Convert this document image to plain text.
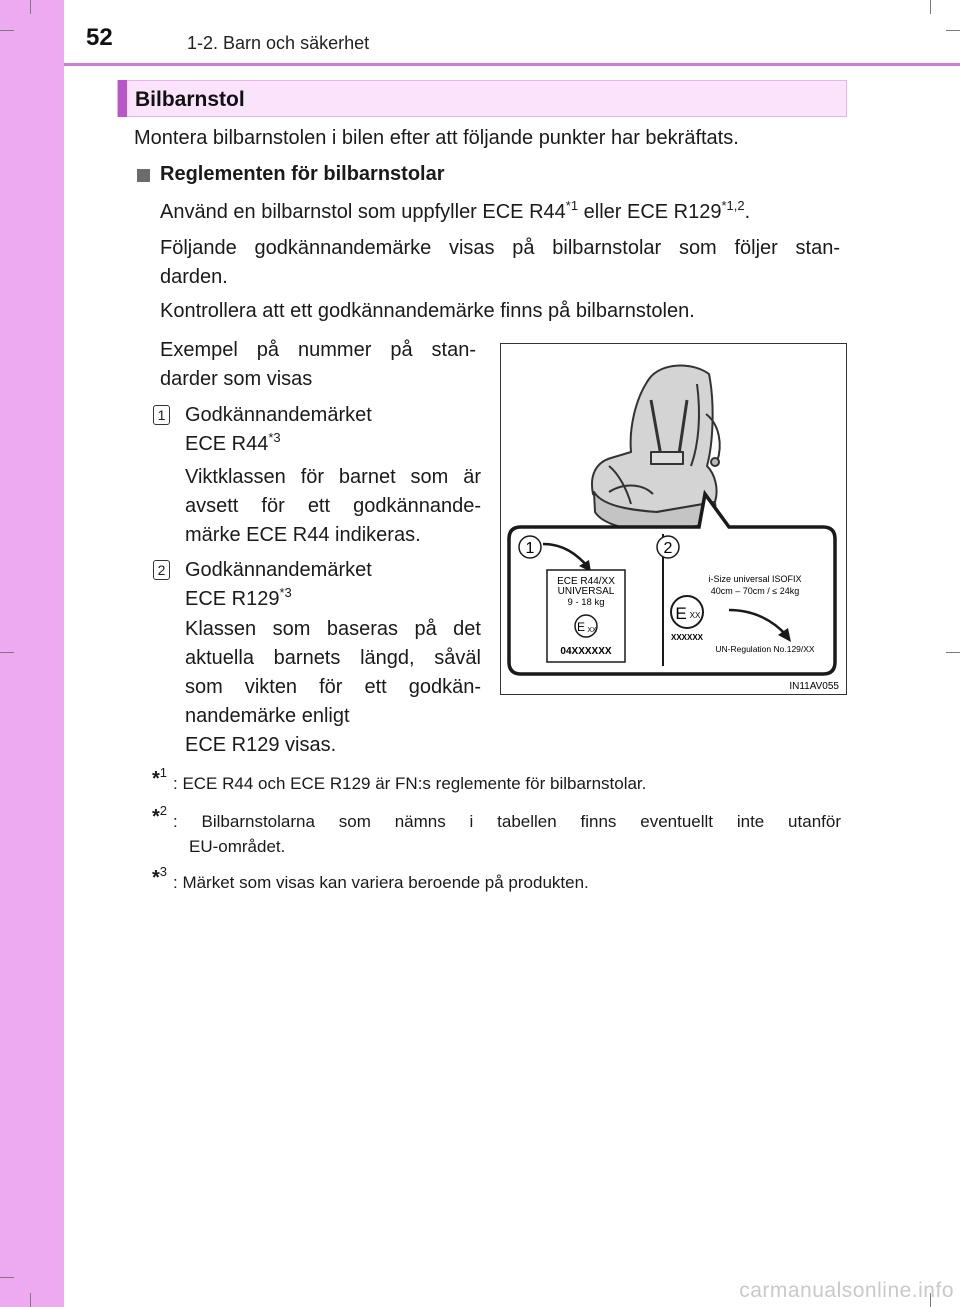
52	1-2. Barn och säkerhet
Bilbarnstol
Montera bilbarnstolen i bilen efter att följande punkter har bekräftats.
Reglementen för bilbarnstolar
Använd en bilbarnstol som uppfyller ECE R44$^{*1}$ eller ECE R129$^{*1,2}$.
Följande godkännandemärke visas på bilbarnstolar som följer stan-
darden.
Kontrollera att ett godkännandemärke finns på bilbarnstolen.
Exempel på nummer på stan-
darder som visas
1 Godkännandemärket
ECE R44$^{*3}$
Viktklassen för barnet som är
avsett för ett godkännande-
märke ECE R44 indikeras.
2 Godkännandemärket
ECE R129$^{*3}$
Klassen som baseras på det
aktuella barnets längd, såväl
som vikten för ett godkän-
nandemärke enligt
ECE R129 visas.
1	2
ECE R44/XX
UNIVERSAL
9 - 18 kg
E XX
04XXXXXX
i-Size universal ISOFIX
40cm – 70cm / ≤ 24kg
E XX
XXXXXX
UN-Regulation No.129/XX
IN11AV055
*$^1$
: ECE R44 och ECE R129 är FN:s reglemente för bilbarnstolar.
*$^2$
: Bilbarnstolarna som nämns i tabellen finns eventuellt inte utanför
EU-området.
*$^3$
: Märket som visas kan variera beroende på produkten.
carmanualsonline.info
